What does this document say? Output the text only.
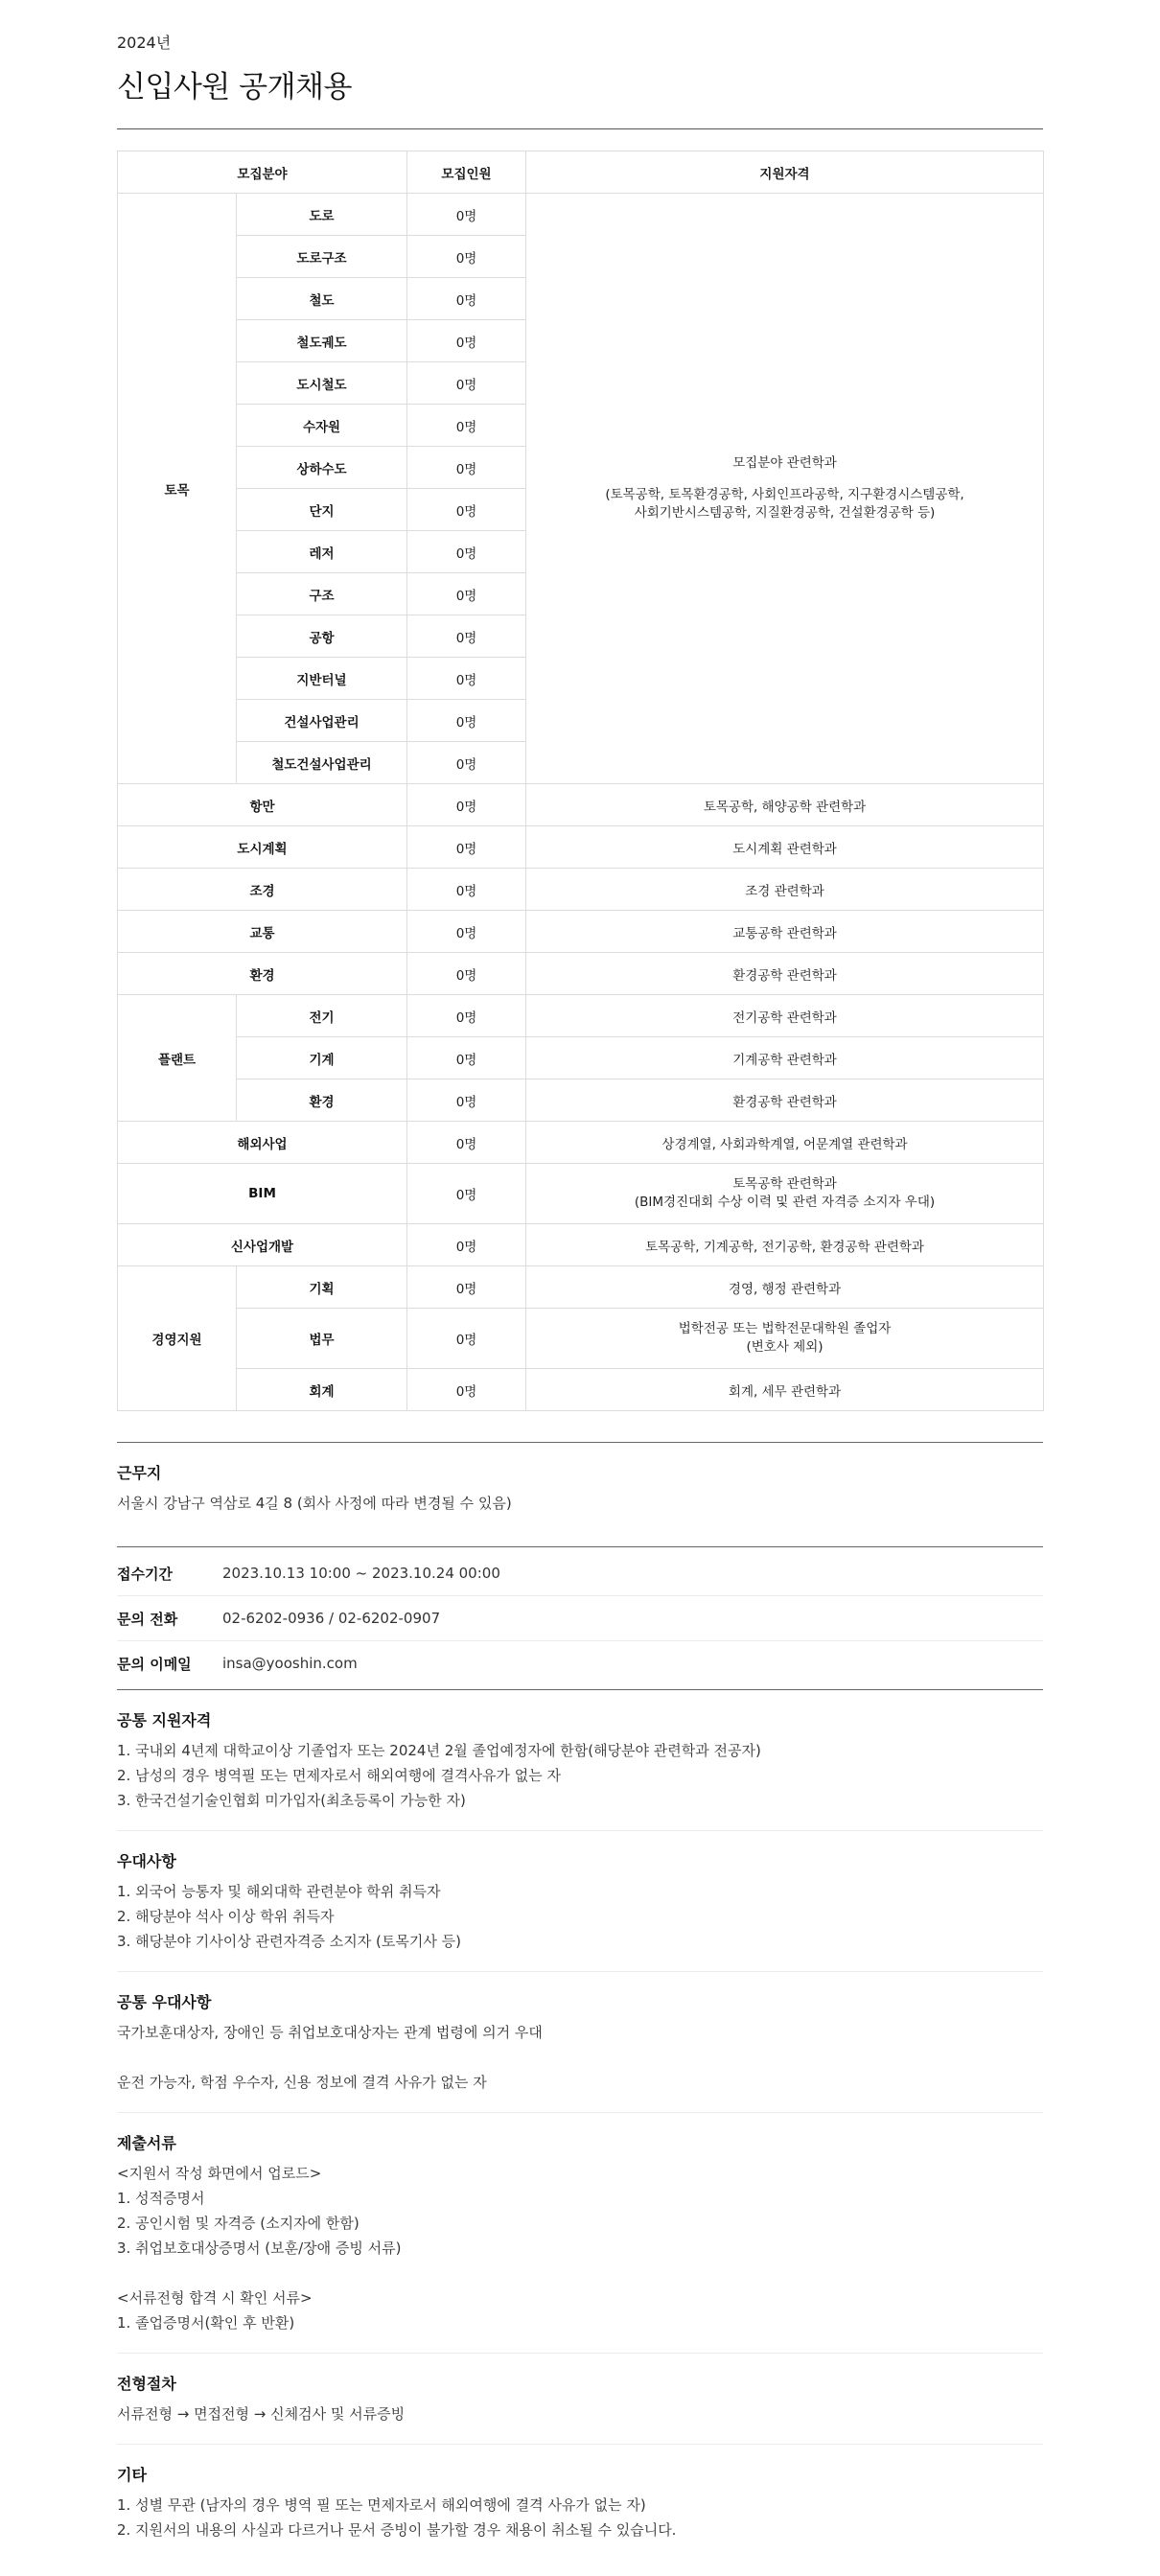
2024년
신입사원 공개채용
모집분야		모집인원	지원자격
토목	도로	0명	모집분야 관련학과
(토목공학, 토목환경공학, 사회인프라공학, 지구환경시스템공학,
사회기반시스템공학, 지질환경공학, 건설환경공학 등)

	도로구조	0명	
	철도	0명	
	철도궤도	0명	
	도시철도	0명	
	수자원	0명	
	상하수도	0명	
	단지	0명	
	레저	0명	
	구조	0명	
	공항	0명	
	지반터널	0명	
	건설사업관리	0명	
	철도건설사업관리	0명	
항만		0명	토목공학, 해양공학 관련학과
도시계획		0명	도시계획 관련학과
조경		0명	조경 관련학과
교통		0명	교통공학 관련학과
환경		0명	환경공학 관련학과
플랜트	전기	0명	전기공학 관련학과
	기계	0명	기계공학 관련학과
	환경	0명	환경공학 관련학과
해외사업		0명	상경계열, 사회과학계열, 어문계열 관련학과
BIM		0명	토목공학 관련학과
(BIM경진대회 수상 이력 및 관련 자격증 소지자 우대)

신사업개발		0명	토목공학, 기계공학, 전기공학, 환경공학 관련학과
경영지원	기획	0명	경영, 행정 관련학과
	법무	0명	법학전공 또는 법학전문대학원 졸업자
(변호사 제외)

	회계	0명	회계, 세무 관련학과
근무지
서울시 강남구 역삼로 4길 8 (회사 사정에 따라 변경될 수 있음)
접수기간	2023.10.13 10:00 ~ 2023.10.24 00:00
문의 전화	02-6202-0936 / 02-6202-0907
문의 이메일	insa@yooshin.com
공통 지원자격
1. 국내외 4년제 대학교이상 기졸업자 또는 2024년 2월 졸업예정자에 한함(해당분야 관련학과 전공자)
2. 남성의 경우 병역필 또는 면제자로서 해외여행에 결격사유가 없는 자
3. 한국건설기술인협회 미가입자(최초등록이 가능한 자)
우대사항
1. 외국어 능통자 및 해외대학 관련분야 학위 취득자
2. 해당분야 석사 이상 학위 취득자
3. 해당분야 기사이상 관련자격증 소지자 (토목기사 등)
공통 우대사항
국가보훈대상자, 장애인 등 취업보호대상자는 관계 법령에 의거 우대
운전 가능자, 학점 우수자, 신용 정보에 결격 사유가 없는 자
제출서류
<지원서 작성 화면에서 업로드>
1. 성적증명서
2. 공인시험 및 자격증 (소지자에 한함)
3. 취업보호대상증명서 (보훈/장애 증빙 서류)
<서류전형 합격 시 확인 서류>
1. 졸업증명서(확인 후 반환)
전형절차
서류전형 → 면접전형 → 신체검사 및 서류증빙
기타
1. 성별 무관 (남자의 경우 병역 필 또는 면제자로서 해외여행에 결격 사유가 없는 자)
2. 지원서의 내용의 사실과 다르거나 문서 증빙이 불가할 경우 채용이 취소될 수 있습니다.
